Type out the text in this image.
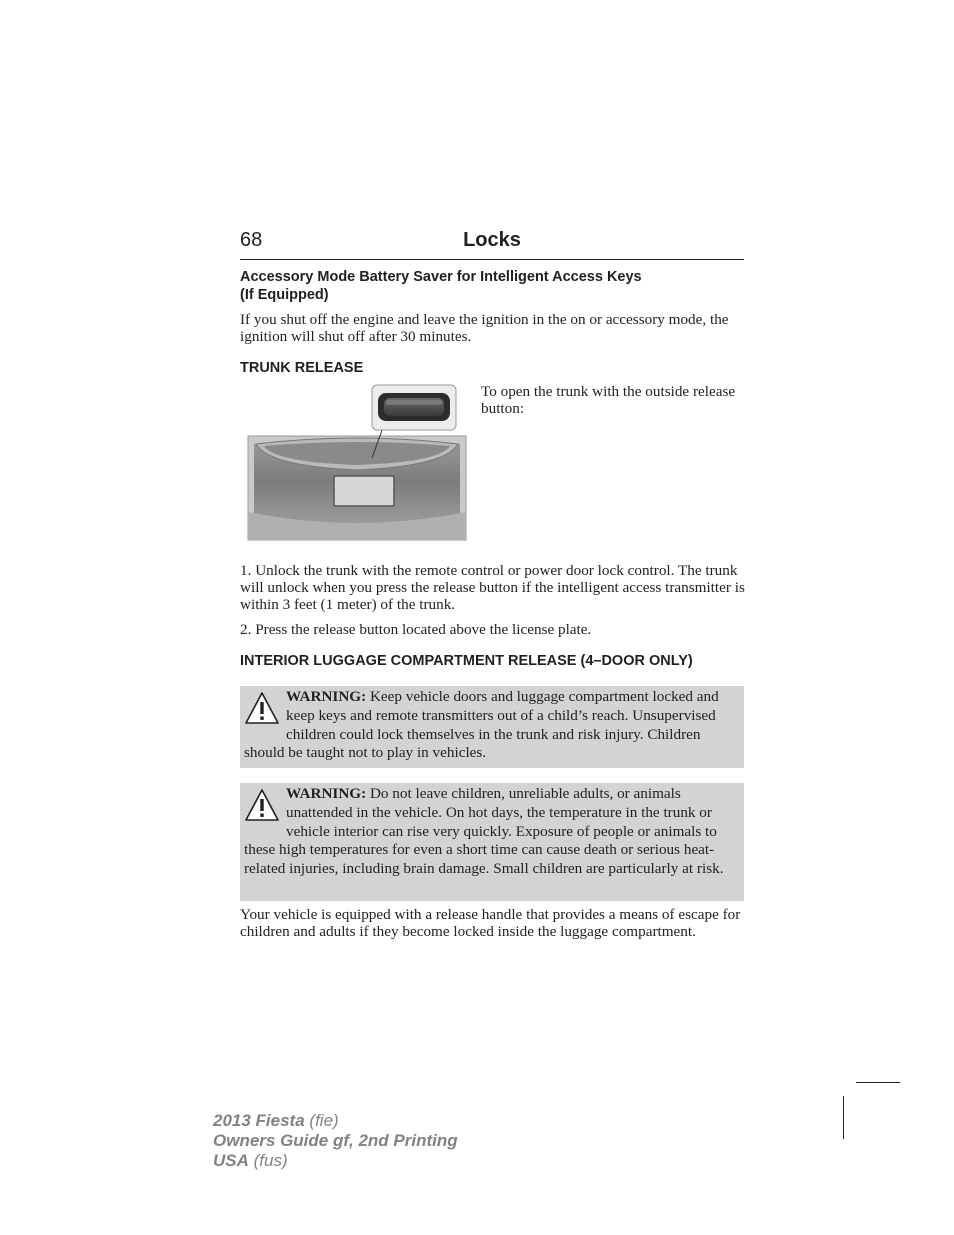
68	Locks
Accessory Mode Battery Saver for Intelligent Access Keys
(If Equipped)
If you shut off the engine and leave the ignition in the on or accessory mode, the ignition will shut off after 30 minutes.
TRUNK RELEASE
To open the trunk with the outside release button:
1. Unlock the trunk with the remote control or power door lock control. The trunk will unlock when you press the release button if the intelligent access transmitter is within 3 feet (1 meter) of the trunk.
2. Press the release button located above the license plate.
INTERIOR LUGGAGE COMPARTMENT RELEASE (4–DOOR ONLY)
WARNING: Keep vehicle doors and luggage compartment locked and keep keys and remote transmitters out of a child’s reach. Unsupervised children could lock themselves in the trunk and risk injury. Children should be taught not to play in vehicles.
WARNING: Do not leave children, unreliable adults, or animals unattended in the vehicle. On hot days, the temperature in the trunk or vehicle interior can rise very quickly. Exposure of people or animals to these high temperatures for even a short time can cause death or serious heat-related injuries, including brain damage. Small children are particularly at risk.
Your vehicle is equipped with a release handle that provides a means of escape for children and adults if they become locked inside the luggage compartment.
2013 Fiesta (fie)
Owners Guide gf, 2nd Printing
USA (fus)
